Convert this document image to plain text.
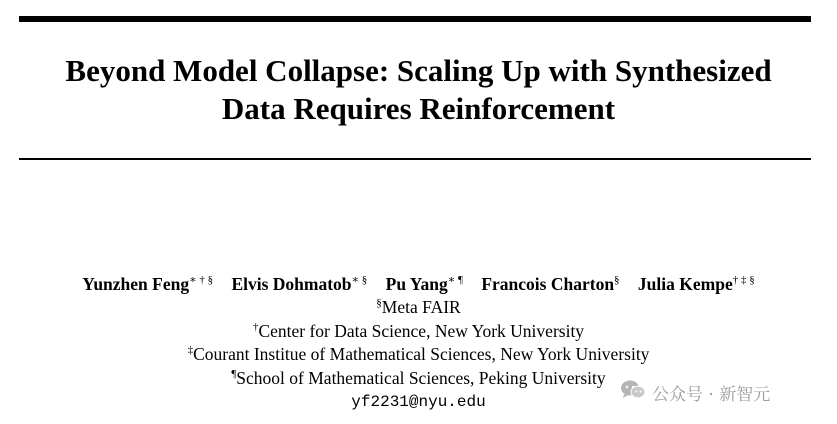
Beyond Model Collapse: Scaling Up with Synthesized
Data Requires Reinforcement
Yunzhen Feng∗ † § Elvis Dohmatob∗ § Pu Yang∗ ¶ Francois Charton§ Julia Kempe† ‡ §
§Meta FAIR
†Center for Data Science, New York University
‡Courant Institue of Mathematical Sciences, New York University
¶School of Mathematical Sciences, Peking University
yf2231@nyu.edu	公众号 · 新智元
